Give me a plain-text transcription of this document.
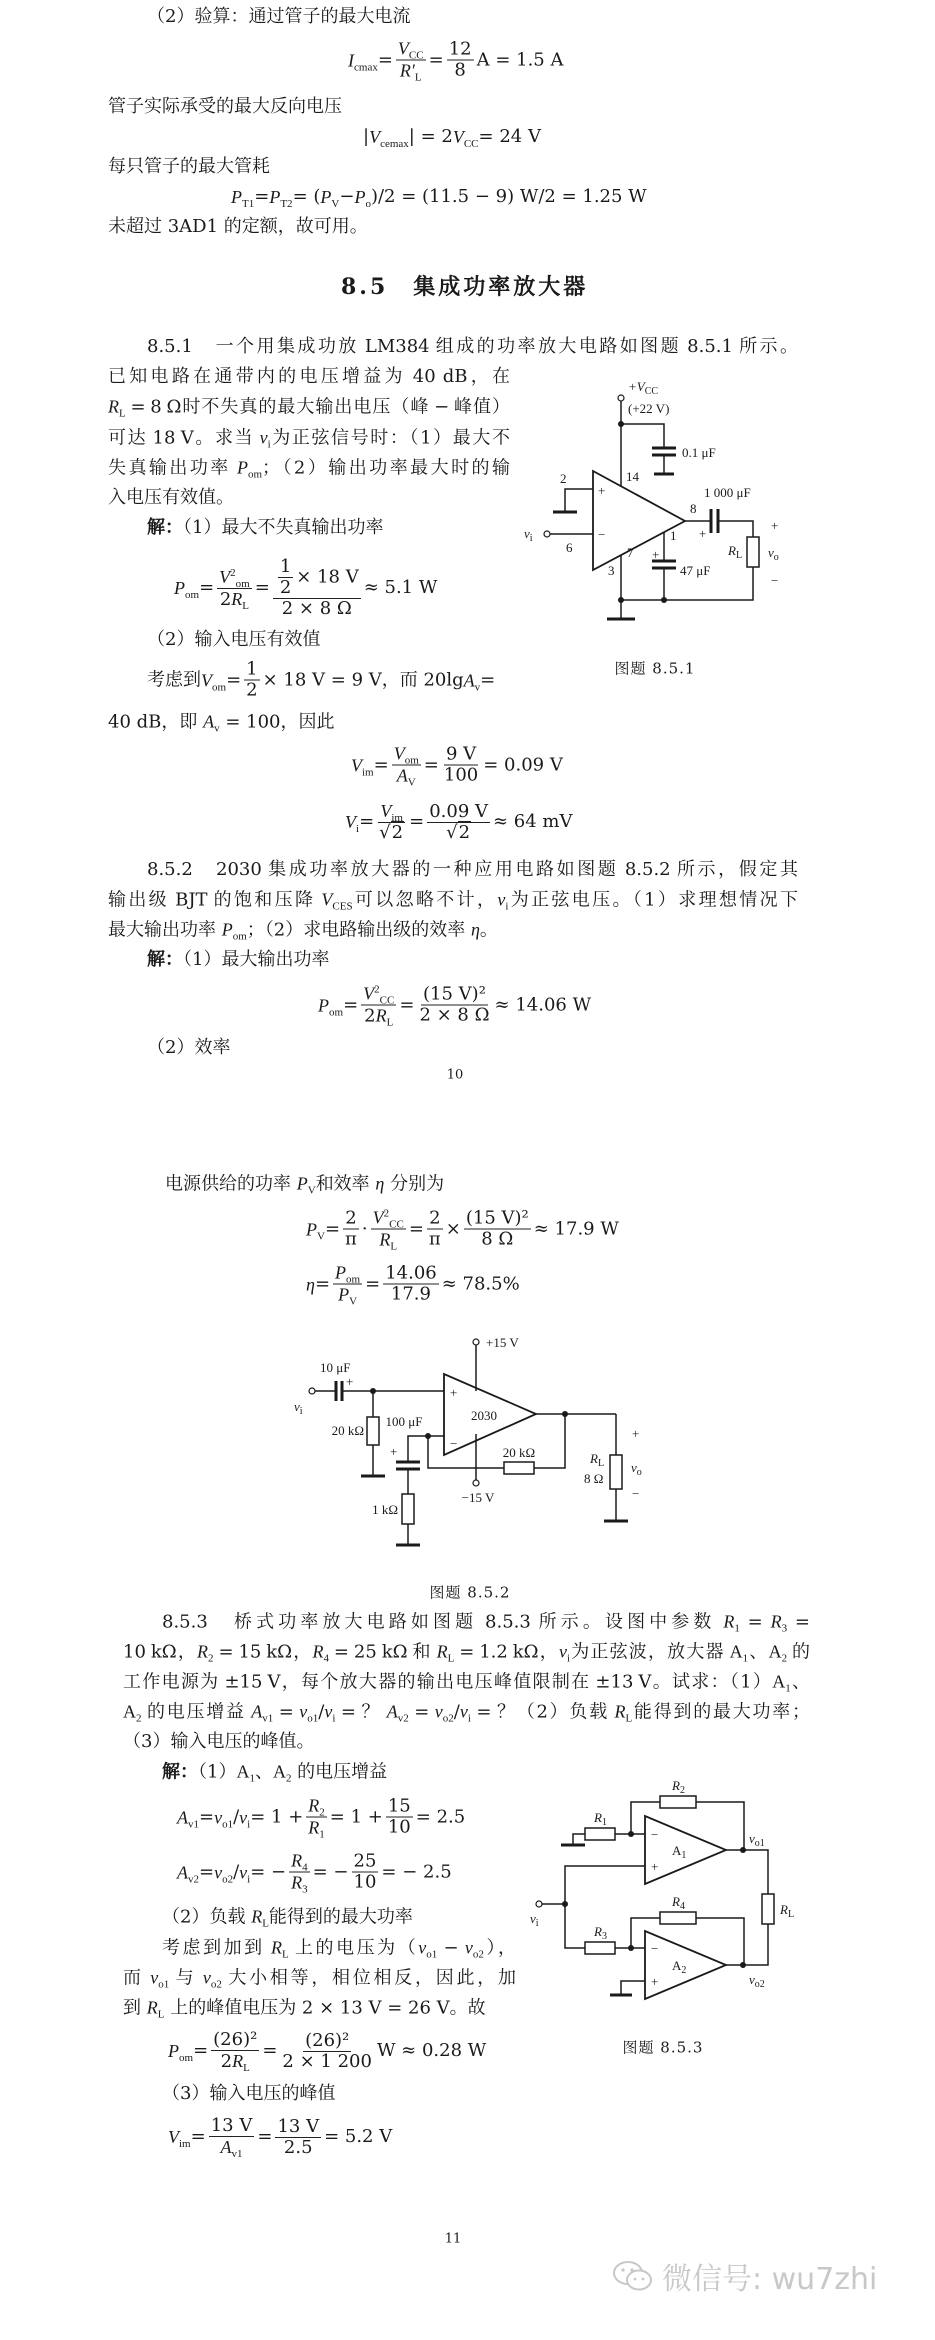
（2）验算：通过管子的最大电流
$I_{cmax} = \frac{V_{CC}}{R'_L} = \frac{12}{8}$ A = 1.5 A
管子实际承受的最大反向电压
| $V_{cemax}$ | = 2 $V_{CC} = 24$ V
每只管子的最大管耗
$P_{T1} = P_{T2}$ = ( $P_V - P_o$ )/2 = (11.5 − 9) W/2 = 1.25 W
未超过 3AD1 的定额，故可用。
8.5　集成功率放大器
8.5.1　一个用集成功放 LM384 组成的功率放大电路如图题 8.5.1 所示。
已知电路在通带内的电压增益为 40 dB，在
$R_L = 8$ Ω时不失真的最大输出电压（峰 − 峰值）
可达 18 V。求当 $v_i$为正弦信号时：（1）最大不
失真输出功率 $P_{om}$；（2）输出功率最大时的输
入电压有效值。
解：（1）最大不失真输出功率
$P_{om} = \frac{V^2_{om}}{2R_L} = \frac{\frac{1}{2} \times 18 V}{2 \times 8 \Omega} \approx 5.1$ W
（2）输入电压有效值
考虑到 $V_{om} = \frac{1}{2} \times 18$ V = 9 V，而 20lg $A_v$ =
40 dB，即 $A_v = 100$，因此
$V_{im} = \frac{V_{om}}{A_V} = \frac{9 V}{100} = 0.09$ V
$V_i = \frac{V_{im}}{√2} = \frac{0.09 V}{√2} \approx 64$ mV
8.5.2　2030 集成功率放大器的一种应用电路如图题 8.5.2 所示，假定其
输出级 BJT 的饱和压降 $V_{CES}$可以忽略不计，$v_i$为正弦电压。（1）求理想情况下
最大输出功率 $P_{om}$；（2）求电路输出级的效率 η。
解：（1）最大输出功率
$P_{om} = \frac{V^2_{CC}}{2R_L} = \frac{\text{(15 V)²}}{2 \times 8 \Omega} \approx 14.06$ W
（2）效率
10
$+V_{CC}$
(+22 V)
0.1 μF
14
2
+
−
8
1 000 μF
+
$v_i$
6
3
7
1
+
47 μF
$R_L$ $v_o$
+
−
图题 8.5.1
电源供给的功率 $P_V$和效率 η 分别为
$P_V = \frac{2}{\pi} \cdot \frac{V^2_{CC}}{R_L} = \frac{2}{\pi} \times \frac{\text{(15 V)²}}{8 \Omega} \approx 17.9$ W
$\eta = \frac{P_{om}}{P_V} = \frac{14.06}{17.9} \approx 78.5\%$
+15 V
10 μF
+
$v_i$
20 kΩ
100 μF
+
2030
+
−
20 kΩ
−15 V
1 kΩ
$R_L$
8 Ω
$v_o$
+
−
图题 8.5.2
8.5.3　桥式功率放大电路如图题 8.5.3 所示。设图中参数 $R_1 = R_3$ =
10 kΩ，$R_2 = 15$ kΩ，$R_4 = 25$ kΩ 和 $R_L = 1.2$ kΩ，$v_i$为正弦波，放大器 $A_1$、$A_2$ 的
工作电源为 ±15 V，每个放大器的输出电压峰值限制在 ±13 V。试求：$(1)A_1$、
$A_2$ 的电压增益 $A_{v1} = v_{o1}/v_i$ = ？ $A_{v2} = v_{o2}/v_i$ = ？（2）负载 $R_L$能得到的最大功率；
（3）输入电压的峰值。
解：$(1)A_1$、$A_2$ 的电压增益
$A_{v1} = v_{o1} / v_i = 1 + \frac{R_2}{R_1} = 1 + \frac{15}{10} = 2.5$
$A_{v2} = v_{o2} / v_i$ = − $\frac{R_4}{R_3}$ = − $\frac{25}{10}$ = − 2.5
（2）负载 $R_L$能得到的最大功率
考虑到加到 $R_L$ 上的电压为$(v_{o1} - v_{o2})$，
而 $v_{o1}$ 与 $v_{o2}$ 大小相等，相位相反，因此，加
到 $R_L$ 上的峰值电压为 2 × 13 V = 26 V。故
$P_{om} = \frac{\text{(26)²}}{2R_L} = \frac{\text{(26)²}}{2 \times 1 200}$ W ≈ 0.28 W
（3）输入电压的峰值
$V_{im} = \frac{13 V}{A_{v1}} = \frac{13 V}{2.5} = 5.2$ V
$R_2$
$R_1$
−
+
$A_1$
$v_{o1}$
$R_L$
$v_i$
$R_3$
$R_4$
−
+
$A_2$
$v_{o2}$
图题 8.5.3
11
微信号: wu7zhi
